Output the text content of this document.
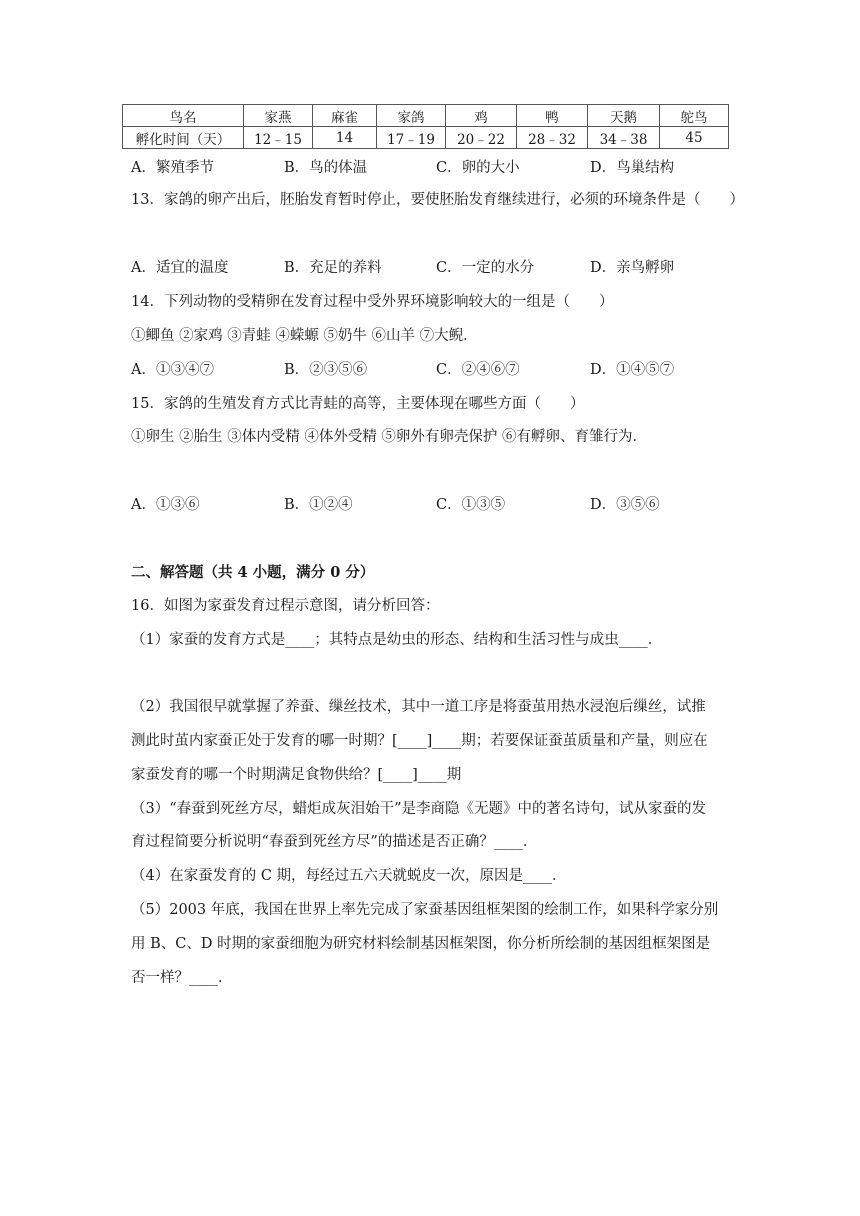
鸟名	家燕	麻雀	家鸽	鸡	鸭	天鹅	鸵鸟
孵化时间（天）	12﹣15	14	17﹣19	20﹣22	28﹣32	34﹣38	45
A．繁殖季节	B．鸟的体温	C．卵的大小	D．鸟巢结构
13．家鸽的卵产出后，胚胎发育暂时停止，要使胚胎发育继续进行，必须的环境条件是（　　）
A．适宜的温度	B．充足的养料	C．一定的水分	D．亲鸟孵卵
14．下列动物的受精卵在发育过程中受外界环境影响较大的一组是（　　）
①鲫鱼 ②家鸡 ③青蛙 ④蝾螈 ⑤奶牛 ⑥山羊 ⑦大鲵．
A．①③④⑦	B．②③⑤⑥	C．②④⑥⑦	D．①④⑤⑦
15．家鸽的生殖发育方式比青蛙的高等，主要体现在哪些方面（　　）
①卵生 ②胎生 ③体内受精 ④体外受精 ⑤卵外有卵壳保护 ⑥有孵卵、育雏行为．
A．①③⑥	B．①②④	C．①③⑤	D．③⑤⑥
二、解答题（共 4 小题，满分 0 分）
16．如图为家蚕发育过程示意图，请分析回答：
（1）家蚕的发育方式是____；其特点是幼虫的形态、结构和生活习性与成虫____．
（2）我国很早就掌握了养蚕、缫丝技术，其中一道工序是将蚕茧用热水浸泡后缫丝，试推
测此时茧内家蚕正处于发育的哪一时期？[____]____期；若要保证蚕茧质量和产量，则应在
家蚕发育的哪一个时期满足食物供给？[____]____期
（3）“春蚕到死丝方尽，蜡炬成灰泪始干”是李商隐《无题》中的著名诗句，试从家蚕的发
育过程简要分析说明“春蚕到死丝方尽”的描述是否正确？____．
（4）在家蚕发育的 C 期，每经过五六天就蜕皮一次，原因是____．
（5）2003 年底，我国在世界上率先完成了家蚕基因组框架图的绘制工作，如果科学家分别
用 B、C、D 时期的家蚕细胞为研究材料绘制基因框架图，你分析所绘制的基因组框架图是
否一样？____．
